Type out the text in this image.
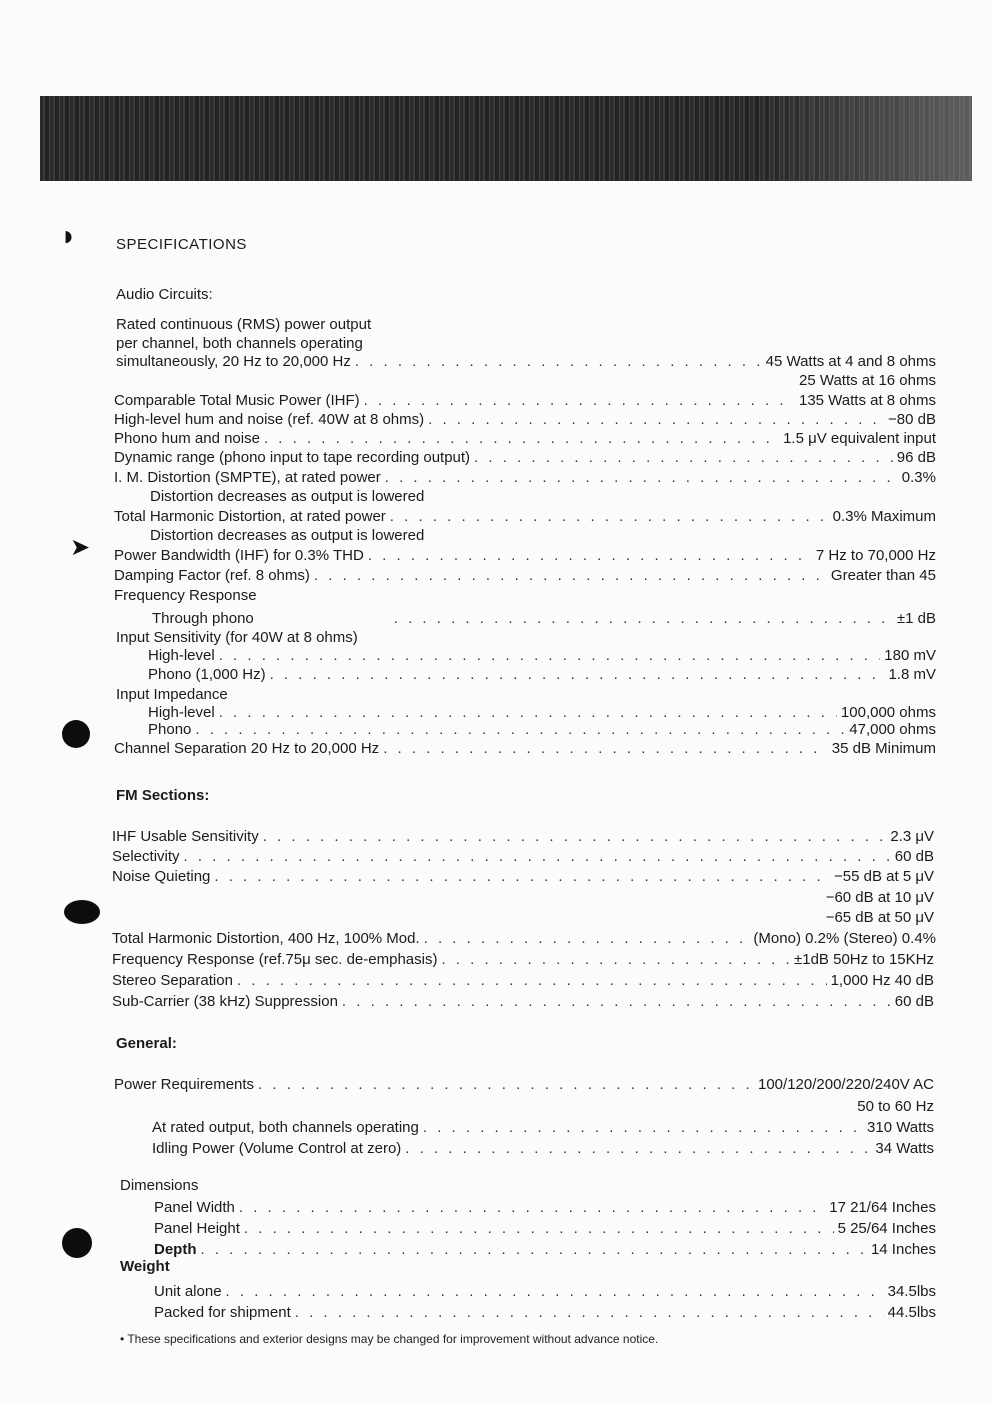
◗
➤
SPECIFICATIONS
Audio Circuits:
Rated continuous (RMS) power output
per channel, both channels operating
simultaneously, 20 Hz to 20,000 Hz . . .	45 Watts at 4 and 8 ohms
25 Watts at 16 ohms
Comparable Total Music Power (IHF) . . .	135 Watts at 8 ohms
High-level hum and noise (ref. 40W at 8 ohms) . . .	−80 dB
Phono hum and noise . . .	1.5 μV equivalent input
Dynamic range (phono input to tape recording output) . . .	96 dB
I. M. Distortion (SMPTE), at rated power . . .	0.3%
Distortion decreases as output is lowered
Total Harmonic Distortion, at rated power . . .	0.3% Maximum
Distortion decreases as output is lowered
Power Bandwidth (IHF) for 0.3% THD . . .	7 Hz to 70,000 Hz
Damping Factor (ref. 8 ohms) . . .	Greater than 45
Frequency Response
Through phono . . .	±1 dB
Input Sensitivity (for 40W at 8 ohms)
High-level . . .	180 mV
Phono (1,000 Hz) . . .	1.8 mV
Input Impedance
High-level . . .	100,000 ohms
Phono . . .	47,000 ohms
Channel Separation 20 Hz to 20,000 Hz . . .	35 dB Minimum
FM Sections:
IHF Usable Sensitivity . . .	2.3 μV
Selectivity . . .	60 dB
Noise Quieting . . .	−55 dB at 5 μV
−60 dB at 10 μV
−65 dB at 50 μV
Total Harmonic Distortion, 400 Hz, 100% Mod. . . .	(Mono) 0.2% (Stereo) 0.4%
Frequency Response (ref.75μ sec. de-emphasis) . . .	±1dB 50Hz to 15KHz
Stereo Separation . . .	1,000 Hz 40 dB
Sub-Carrier (38 kHz) Suppression . . .	60 dB
General:
Power Requirements . . .	100/120/200/220/240V AC
50 to 60 Hz
At rated output, both channels operating . . .	310 Watts
Idling Power (Volume Control at zero) . . .	34 Watts
Dimensions
Panel Width . . .	17 21/64 Inches
Panel Height . . .	5 25/64 Inches
Depth . . .	14 Inches
Weight
Unit alone . . .	34.5lbs
Packed for shipment . . .	44.5lbs
• These specifications and exterior designs may be changed for improvement without advance notice.
